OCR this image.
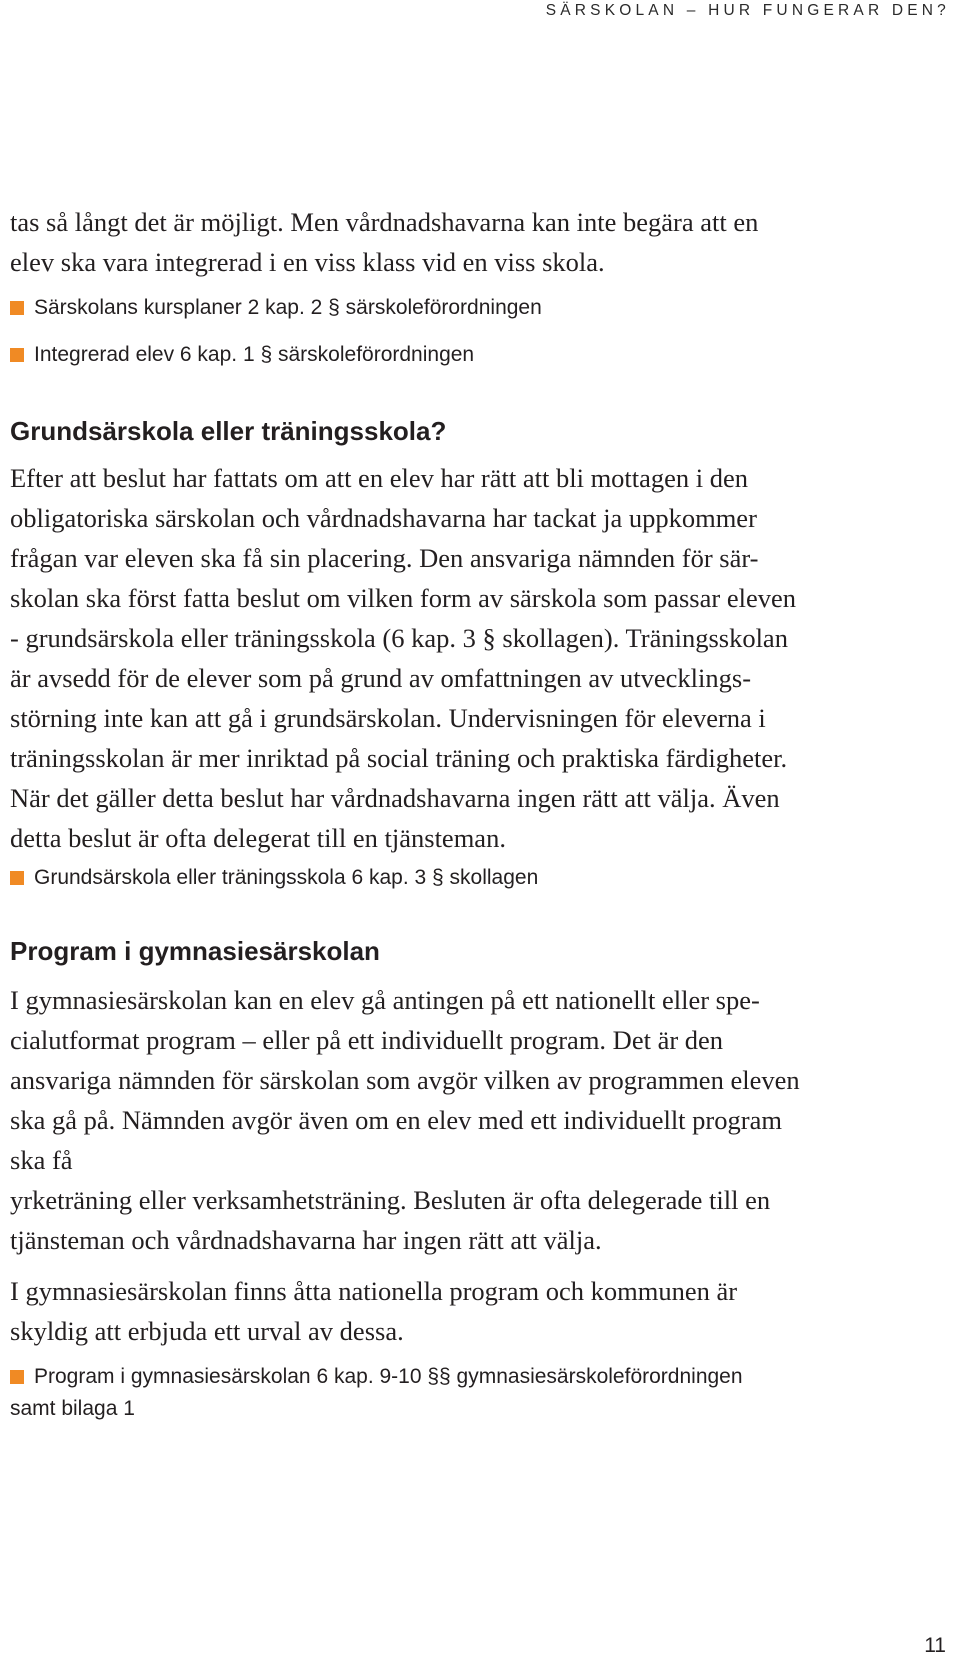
SÄRSKOLAN – HUR FUNGERAR DEN?

tas så långt det är möjligt. Men vårdnadshavarna kan inte begära att en
elev ska vara integrerad i en viss klass vid en viss skola.

Särskolans kursplaner 2 kap. 2 § särskoleförordningen
Integrerad elev 6 kap. 1 § särskoleförordningen
Grundsärskola eller träningsskola?

Efter att beslut har fattats om att en elev har rätt att bli mottagen i den
obligatoriska särskolan och vårdnadshavarna har tackat ja uppkommer
frågan var eleven ska få sin placering. Den ansvariga nämnden för sär-
skolan ska först fatta beslut om vilken form av särskola som passar eleven
- grundsärskola eller träningsskola (6 kap. 3 § skollagen). Träningsskolan
är avsedd för de elever som på grund av omfattningen av utvecklings-
störning inte kan att gå i grundsärskolan. Undervisningen för eleverna i
träningsskolan är mer inriktad på social träning och praktiska färdigheter.
När det gäller detta beslut har vårdnadshavarna ingen rätt att välja. Även
detta beslut är ofta delegerat till en tjänsteman.

Grundsärskola eller träningsskola 6 kap. 3 § skollagen
Program i gymnasiesärskolan

I gymnasiesärskolan kan en elev gå antingen på ett nationellt eller spe-
cialutformat program – eller på ett individuellt program. Det är den
ansvariga nämnden för särskolan som avgör vilken av programmen eleven
ska gå på. Nämnden avgör även om en elev med ett individuellt program
ska få
yrketräning eller verksamhetsträning. Besluten är ofta delegerade till en
tjänsteman och vårdnadshavarna har ingen rätt att välja.

I gymnasiesärskolan finns åtta nationella program och kommunen är
skyldig att erbjuda ett urval av dessa.

Program i gymnasiesärskolan 6 kap. 9-10 §§ gymnasiesärskoleförordningen
samt bilaga 1
11
